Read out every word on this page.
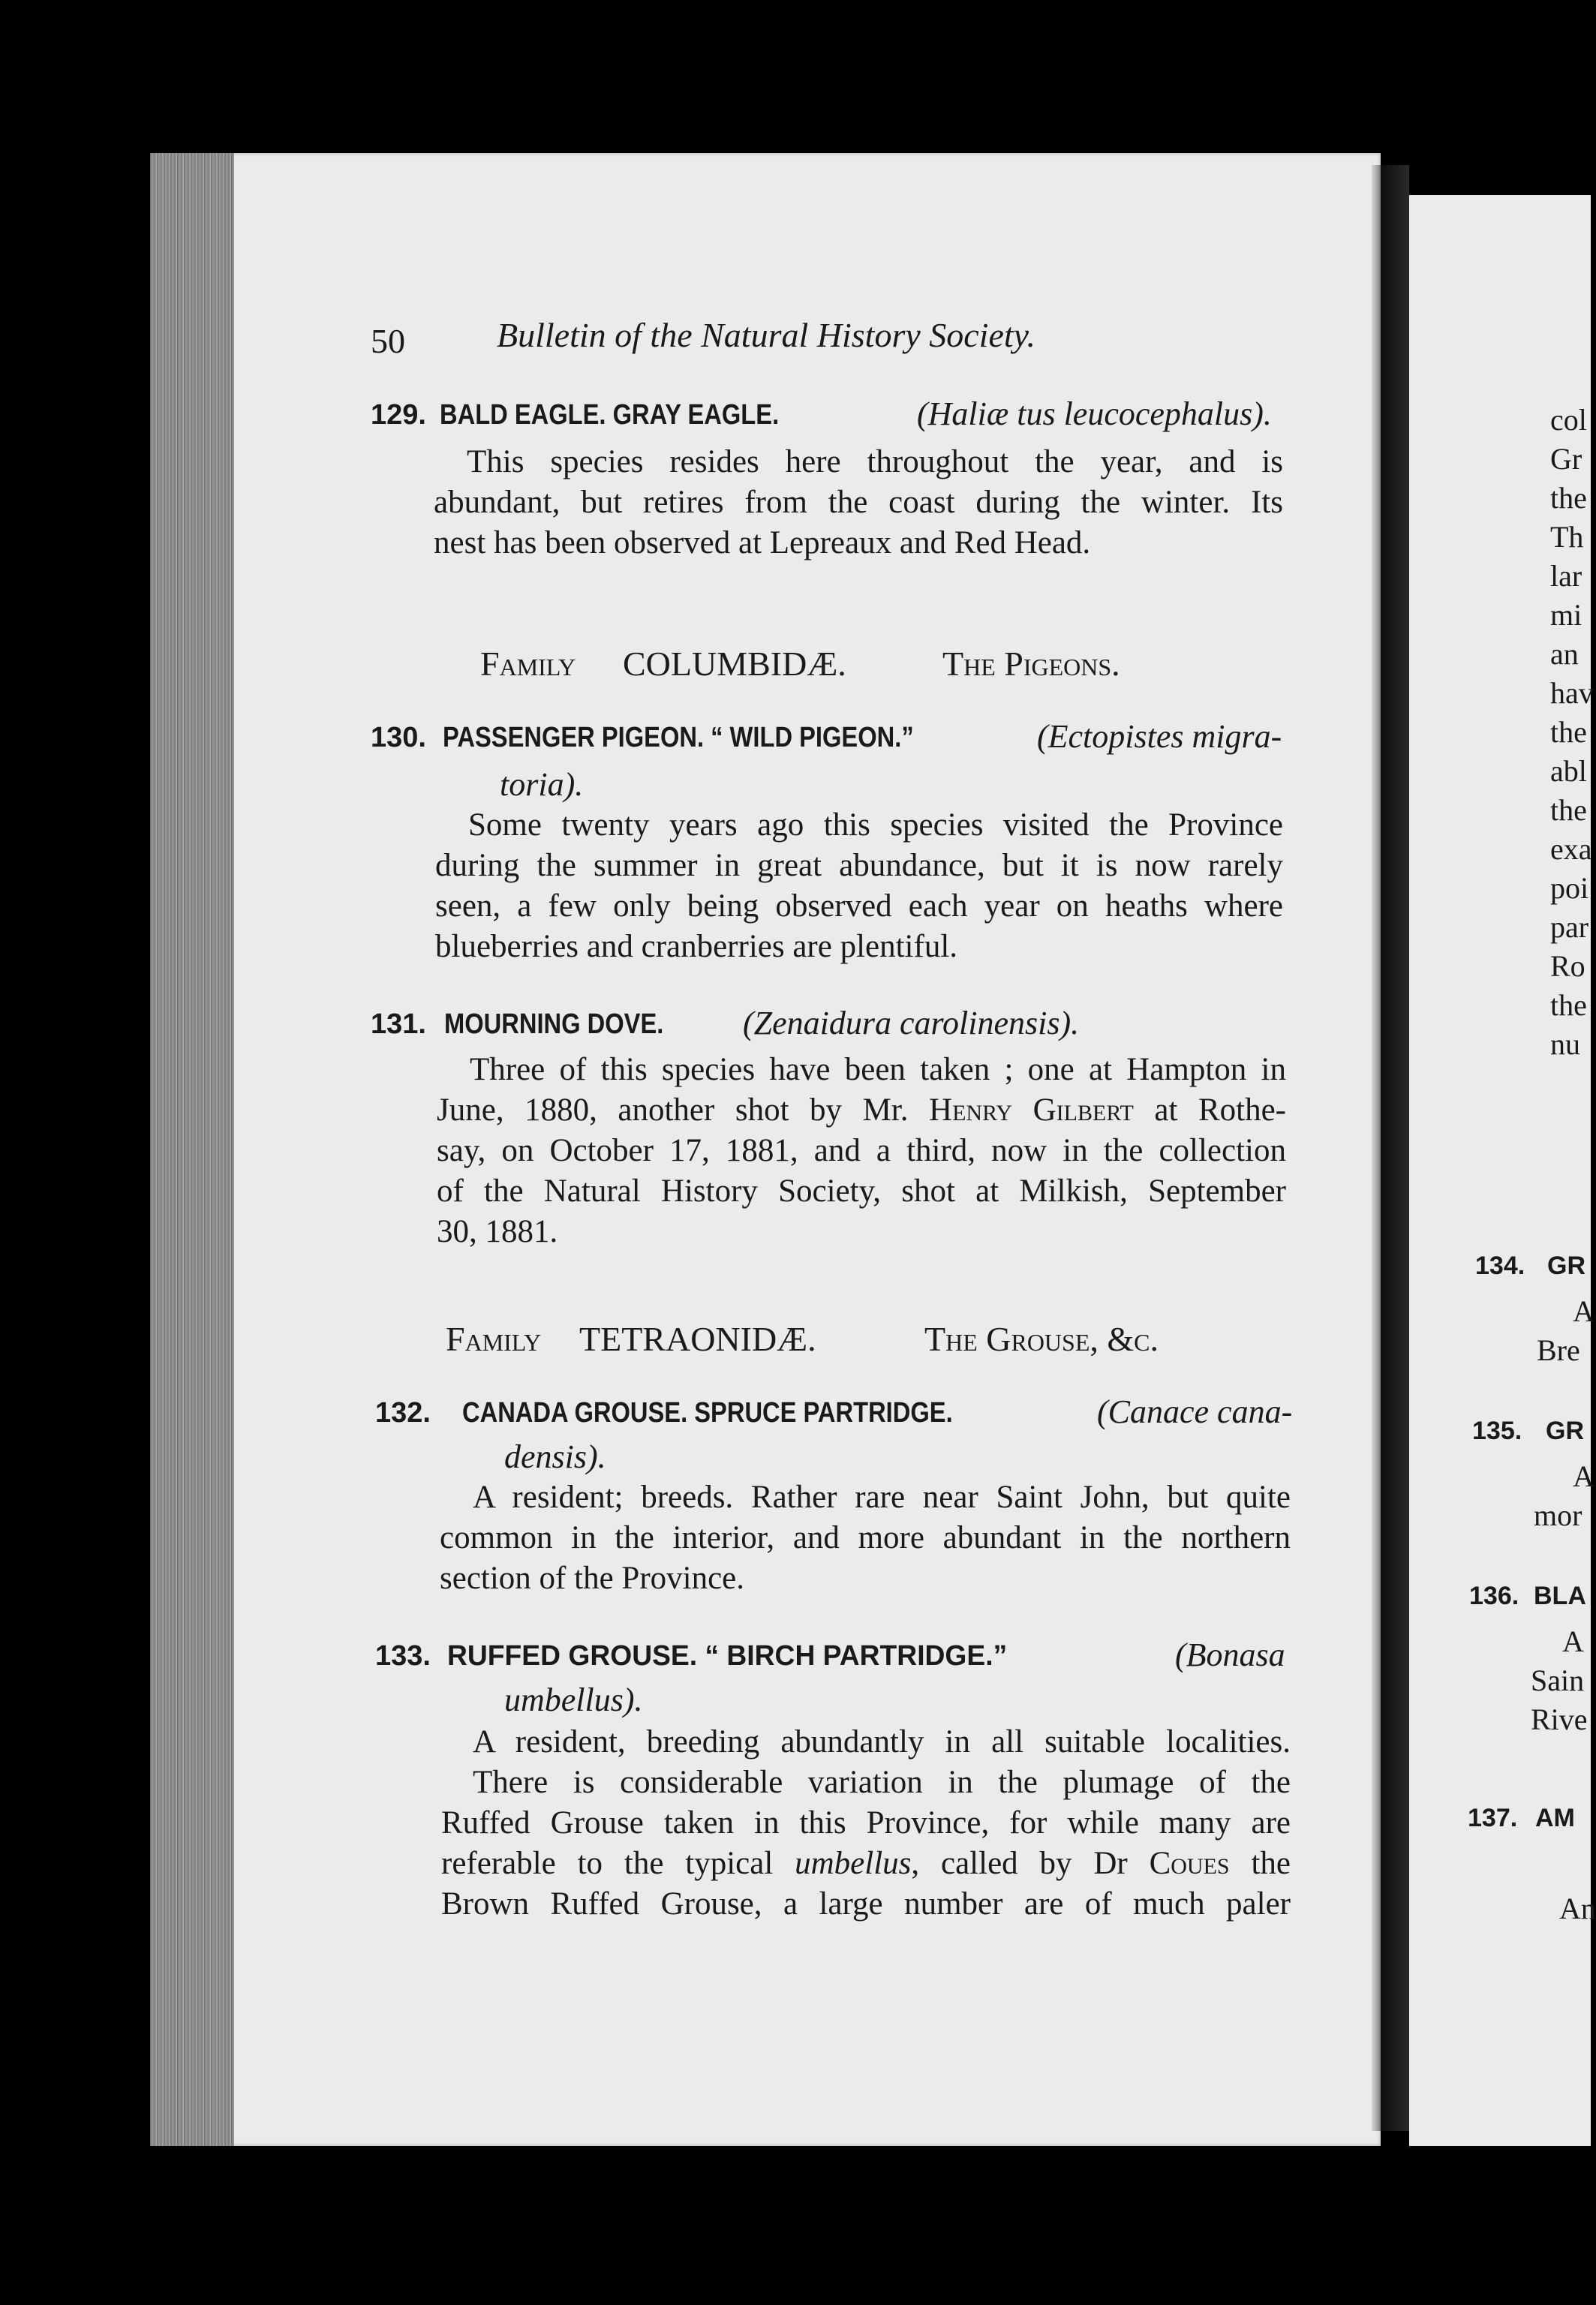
50	Bulletin of the Natural History Society.
129. BALD EAGLE. GRAY EAGLE.	(Haliæ tus leucocephalus).
This species resides here throughout the year, and is
abundant, but retires from the coast during the winter. Its
nest has been observed at Lepreaux and Red Head.
Family COLUMBIDÆ.	The Pigeons.
130. PASSENGER PIGEON. “ WILD PIGEON.”	(Ectopistes migra-
toria).
Some twenty years ago this species visited the Province
during the summer in great abundance, but it is now rarely
seen, a few only being observed each year on heaths where
blueberries and cranberries are plentiful.
131. MOURNING DOVE. (Zenaidura carolinensis).
Three of this species have been taken ; one at Hampton in
June, 1880, another shot by Mr. Henry Gilbert at Rothe-
say, on October 17, 1881, and a third, now in the collection
of the Natural History Society, shot at Milkish, September
30, 1881.
Family TETRAONIDÆ.	The Grouse, &c.
132. CANADA GROUSE. SPRUCE PARTRIDGE.	(Canace cana-
densis).
A resident; breeds. Rather rare near Saint John, but quite
common in the interior, and more abundant in the northern
section of the Province.
133. RUFFED GROUSE. “ BIRCH PARTRIDGE.”	(Bonasa
umbellus).
A resident, breeding abundantly in all suitable localities.
There is considerable variation in the plumage of the
Ruffed Grouse taken in this Province, for while many are
referable to the typical umbellus, called by Dr Coues the
Brown Ruffed Grouse, a large number are of much paler
col
Gr
the
Th
lar
mi
an
hav
the
abl
the
exa
poi
par
Ro
the
nu
134. GR
A
Bre
135. GR
A
mor
136. BLA
A
Sain
Rive
137. AM
An
